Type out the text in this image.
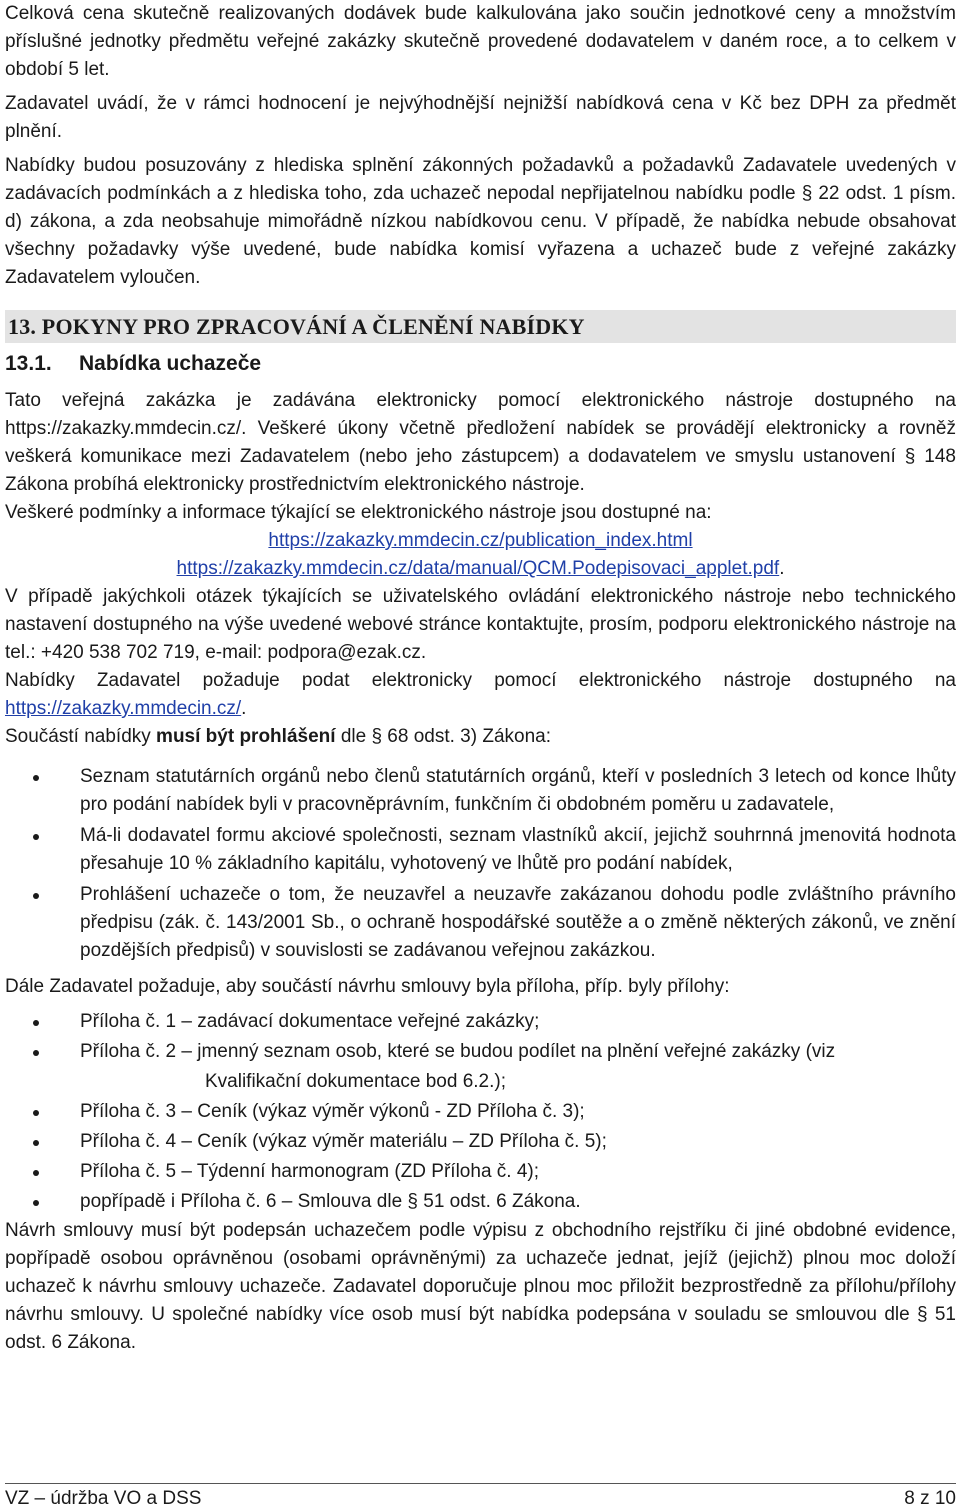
Celková cena skutečně realizovaných dodávek bude kalkulována jako součin jednotkové ceny a množstvím příslušné jednotky předmětu veřejné zakázky skutečně provedené dodavatelem v daném roce, a to celkem v období 5 let.

Zadavatel uvádí, že v rámci hodnocení je nejvýhodnější nejnižší nabídková cena v Kč bez DPH za předmět plnění.

Nabídky budou posuzovány z hlediska splnění zákonných požadavků a požadavků Zadavatele uvedených v zadávacích podmínkách a z hlediska toho, zda uchazeč nepodal nepřijatelnou nabídku podle § 22 odst. 1 písm. d) zákona, a zda neobsahuje mimořádně nízkou nabídkovou cenu. V případě, že nabídka nebude obsahovat všechny požadavky výše uvedené, bude nabídka komisí vyřazena a uchazeč bude z veřejné zakázky Zadavatelem vyloučen.

13. POKYNY PRO ZPRACOVÁNÍ A ČLENĚNÍ NABÍDKY
13.1. Nabídka uchazeče

Tato veřejná zakázka je zadávána elektronicky pomocí elektronického nástroje dostupného na https://zakazky.mmdecin.cz/. Veškeré úkony včetně předložení nabídek se provádějí elektronicky a rovněž veškerá komunikace mezi Zadavatelem (nebo jeho zástupcem) a dodavatelem ve smyslu ustanovení § 148 Zákona probíhá elektronicky prostřednictvím elektronického nástroje.

Veškeré podmínky a informace týkající se elektronického nástroje jsou dostupné na:

https://zakazky.mmdecin.cz/publication_index.html

https://zakazky.mmdecin.cz/data/manual/QCM.Podepisovaci_applet.pdf.

V případě jakýchkoli otázek týkajících se uživatelského ovládání elektronického nástroje nebo technického nastavení dostupného na výše uvedené webové stránce kontaktujte, prosím, podporu elektronického nástroje na tel.: +420 538 702 719, e-mail: podpora@ezak.cz.

Nabídky Zadavatel požaduje podat elektronicky pomocí elektronického nástroje dostupného na https://zakazky.mmdecin.cz/.

Součástí nabídky musí být prohlášení dle § 68 odst. 3) Zákona:

Seznam statutárních orgánů nebo členů statutárních orgánů, kteří v posledních 3 letech od konce lhůty pro podání nabídek byli v pracovněprávním, funkčním či obdobném poměru u zadavatele,
Má-li dodavatel formu akciové společnosti, seznam vlastníků akcií, jejichž souhrnná jmenovitá hodnota přesahuje 10 % základního kapitálu, vyhotovený ve lhůtě pro podání nabídek,
Prohlášení uchazeče o tom, že neuzavřel a neuzavře zakázanou dohodu podle zvláštního právního předpisu (zák. č. 143/2001 Sb., o ochraně hospodářské soutěže a o změně některých zákonů, ve znění pozdějších předpisů) v souvislosti se zadávanou veřejnou zakázkou.

Dále Zadavatel požaduje, aby součástí návrhu smlouvy byla příloha, příp. byly přílohy:

Příloha č. 1 – zadávací dokumentace veřejné zakázky;
Příloha č. 2 – jmenný seznam osob, které se budou podílet na plnění veřejné zakázky (viz
Kvalifikační dokumentace bod 6.2.);
Příloha č. 3 – Ceník (výkaz výměr výkonů - ZD Příloha č. 3);
Příloha č. 4 – Ceník (výkaz výměr materiálu – ZD Příloha č. 5);
Příloha č. 5 – Týdenní harmonogram (ZD Příloha č. 4);
popřípadě i Příloha č. 6 – Smlouva dle § 51 odst. 6 Zákona.

Návrh smlouvy musí být podepsán uchazečem podle výpisu z obchodního rejstříku či jiné obdobné evidence, popřípadě osobou oprávněnou (osobami oprávněnými) za uchazeče jednat, jejíž (jejichž) plnou moc doloží uchazeč k návrhu smlouvy uchazeče. Zadavatel doporučuje plnou moc přiložit bezprostředně za přílohu/přílohy návrhu smlouvy. U společné nabídky více osob musí být nabídka podepsána v souladu se smlouvou dle § 51 odst. 6 Zákona.

VZ – údržba VO a DSS	8 z 10
